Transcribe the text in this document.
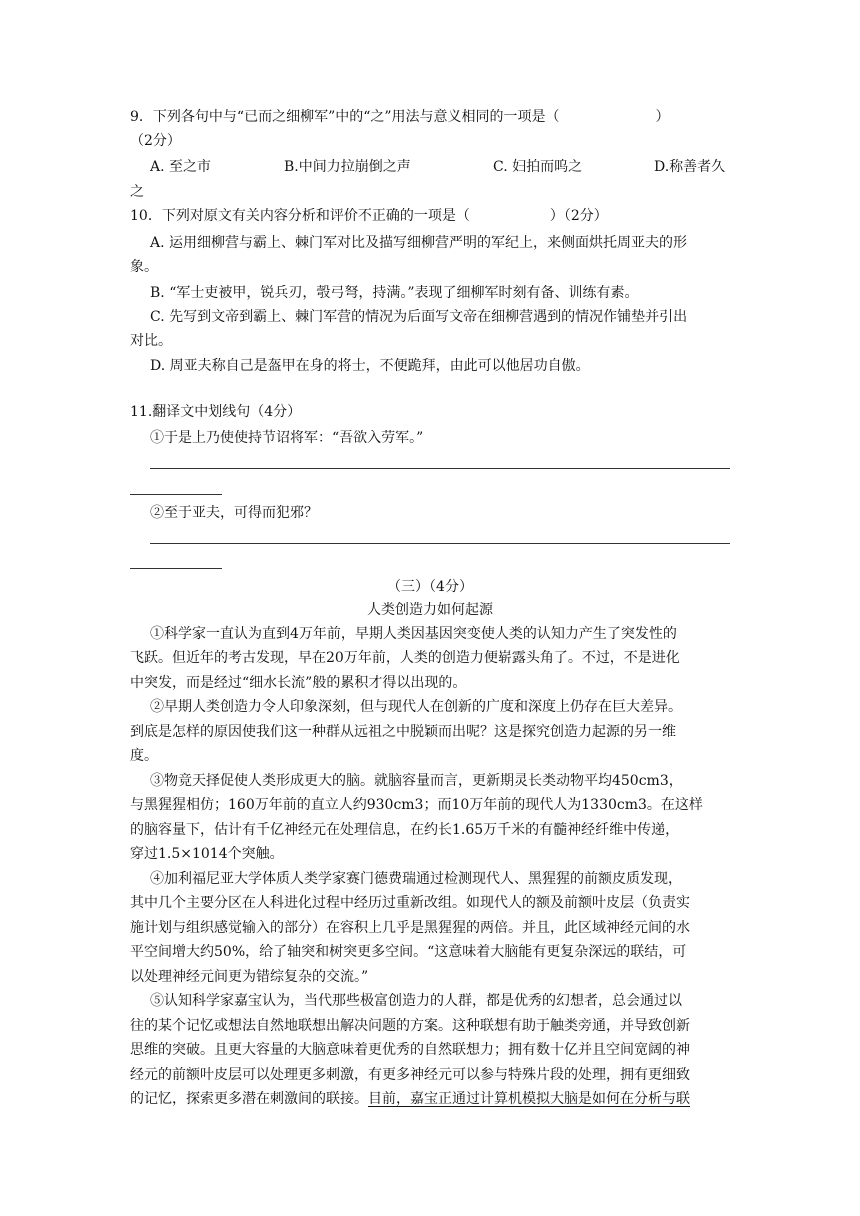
9．下列各句中与“已而之细柳军”中的“之”用法与意义相同的一项是（	）
（2分）
A. 至之市	B.中间力拉崩倒之声	C. 妇拍而呜之	D.称善者久
之
10．下列对原文有关内容分析和评价不正确的一项是（	）（2分）
A. 运用细柳营与霸上、棘门军对比及描写细柳营严明的军纪上，来侧面烘托周亚夫的形
象。
B. “军士吏被甲，锐兵刃，彀弓弩，持满。”表现了细柳军时刻有备、训练有素。
C. 先写到文帝到霸上、棘门军营的情况为后面写文帝在细柳营遇到的情况作铺垫并引出
对比。
D. 周亚夫称自己是盔甲在身的将士，不便跪拜，由此可以他居功自傲。
11.翻译文中划线句（4分）
①于是上乃使使持节诏将军：“吾欲入劳军。”
②至于亚夫，可得而犯邪？
（三）（4分）
人类创造力如何起源
①科学家一直认为直到4万年前，早期人类因基因突变使人类的认知力产生了突发性的
飞跃。但近年的考古发现，早在20万年前，人类的创造力便崭露头角了。不过，不是进化
中突发，而是经过“细水长流”般的累积才得以出现的。
②早期人类创造力令人印象深刻，但与现代人在创新的广度和深度上仍存在巨大差异。
到底是怎样的原因使我们这一种群从远祖之中脱颖而出呢？这是探究创造力起源的另一维
度。
③物竞天择促使人类形成更大的脑。就脑容量而言，更新期灵长类动物平均450cm3，
与黑猩猩相仿；160万年前的直立人约930cm3；而10万年前的现代人为1330cm3。在这样
的脑容量下，估计有千亿神经元在处理信息，在约长1.65万千米的有髓神经纤维中传递，
穿过1.5×1014个突触。
④加利福尼亚大学体质人类学家赛门德费瑞通过检测现代人、黑猩猩的前额皮质发现，
其中几个主要分区在人科进化过程中经历过重新改组。如现代人的额及前额叶皮层（负责实
施计划与组织感觉输入的部分）在容积上几乎是黑猩猩的两倍。并且，此区域神经元间的水
平空间增大约50%，给了轴突和树突更多空间。“这意味着大脑能有更复杂深远的联结，可
以处理神经元间更为错综复杂的交流。”
⑤认知科学家嘉宝认为，当代那些极富创造力的人群，都是优秀的幻想者，总会通过以
往的某个记忆或想法自然地联想出解决问题的方案。这种联想有助于触类旁通，并导致创新
思维的突破。且更大容量的大脑意味着更优秀的自然联想力；拥有数十亿并且空间宽阔的神
经元的前额叶皮层可以处理更多刺激，有更多神经元可以参与特殊片段的处理，拥有更细致
的记忆，探索更多潜在刺激间的联接。目前，嘉宝正通过计算机模拟大脑是如何在分析与联
